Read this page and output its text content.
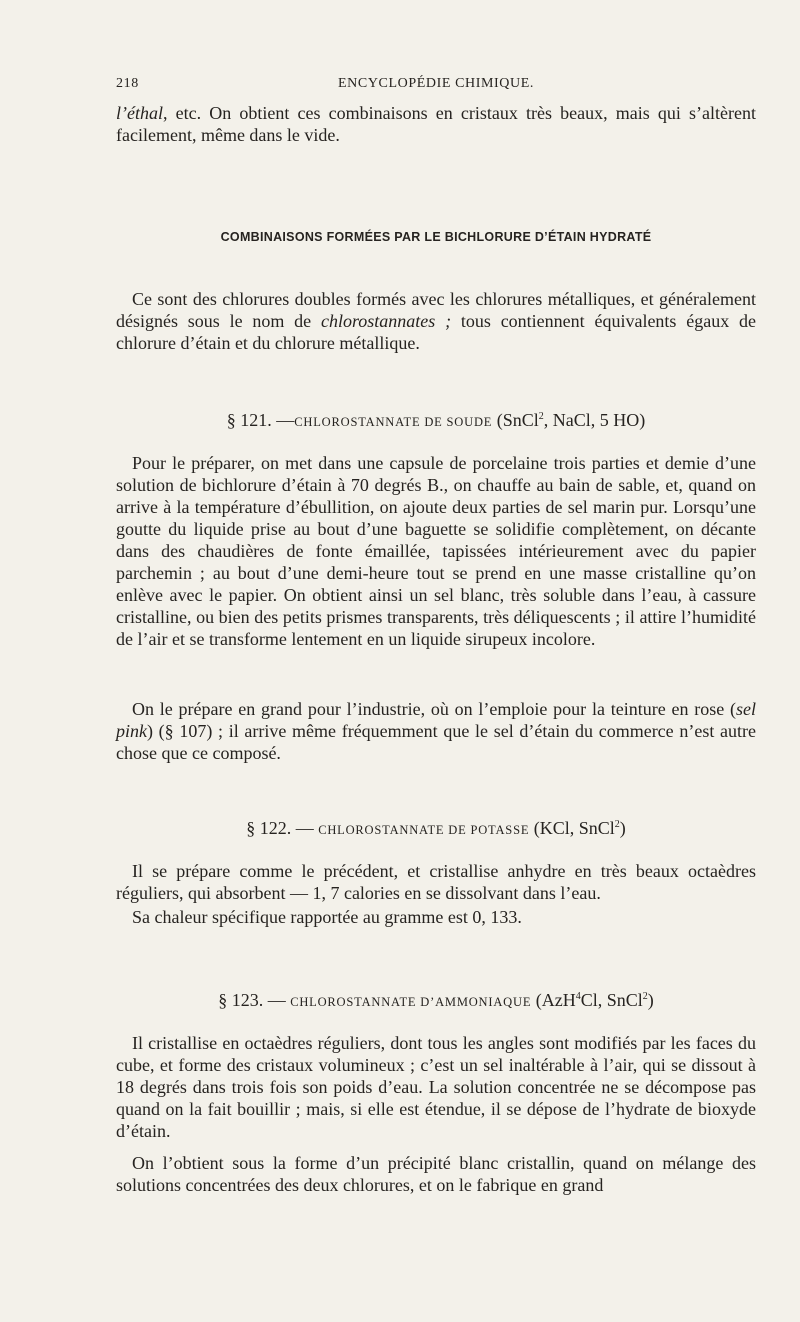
218	ENCYCLOPÉDIE CHIMIQUE.

l’éthal, etc. On obtient ces combinaisons en cristaux très beaux, mais qui s’altèrent facilement, même dans le vide.

COMBINAISONS FORMÉES PAR LE BICHLORURE D’ÉTAIN HYDRATÉ

Ce sont des chlorures doubles formés avec les chlorures métalliques, et généralement désignés sous le nom de chlorostannates ; tous contiennent équivalents égaux de chlorure d’étain et du chlorure métallique.

§ 121. —CHLOROSTANNATE DE SOUDE (SnCl$^2$, NaCl, 5 HO)

Pour le préparer, on met dans une capsule de porcelaine trois parties et demie d’une solution de bichlorure d’étain à 70 degrés B., on chauffe au bain de sable, et, quand on arrive à la température d’ébullition, on ajoute deux parties de sel marin pur. Lorsqu’une goutte du liquide prise au bout d’une baguette se solidifie complètement, on décante dans des chaudières de fonte émaillée, tapissées intérieurement avec du papier parchemin ; au bout d’une demi-heure tout se prend en une masse cristalline qu’on enlève avec le papier. On obtient ainsi un sel blanc, très soluble dans l’eau, à cassure cristalline, ou bien des petits prismes transparents, très déliquescents ; il attire l’humidité de l’air et se transforme lentement en un liquide sirupeux incolore.

On le prépare en grand pour l’industrie, où on l’emploie pour la teinture en rose (sel pink) (§ 107) ; il arrive même fréquemment que le sel d’étain du commerce n’est autre chose que ce composé.

§ 122. — CHLOROSTANNATE DE POTASSE (KCl, SnCl$^2$)

Il se prépare comme le précédent, et cristallise anhydre en très beaux octaèdres réguliers, qui absorbent — 1, 7 calories en se dissolvant dans l’eau.

Sa chaleur spécifique rapportée au gramme est 0, 133.

§ 123. — CHLOROSTANNATE D’AMMONIAQUE (AzH$^4$Cl, SnCl$^2$)

Il cristallise en octaèdres réguliers, dont tous les angles sont modifiés par les faces du cube, et forme des cristaux volumineux ; c’est un sel inaltérable à l’air, qui se dissout à 18 degrés dans trois fois son poids d’eau. La solution concentrée ne se décompose pas quand on la fait bouillir ; mais, si elle est étendue, il se dépose de l’hydrate de bioxyde d’étain.

On l’obtient sous la forme d’un précipité blanc cristallin, quand on mélange des solutions concentrées des deux chlorures, et on le fabrique en grand
